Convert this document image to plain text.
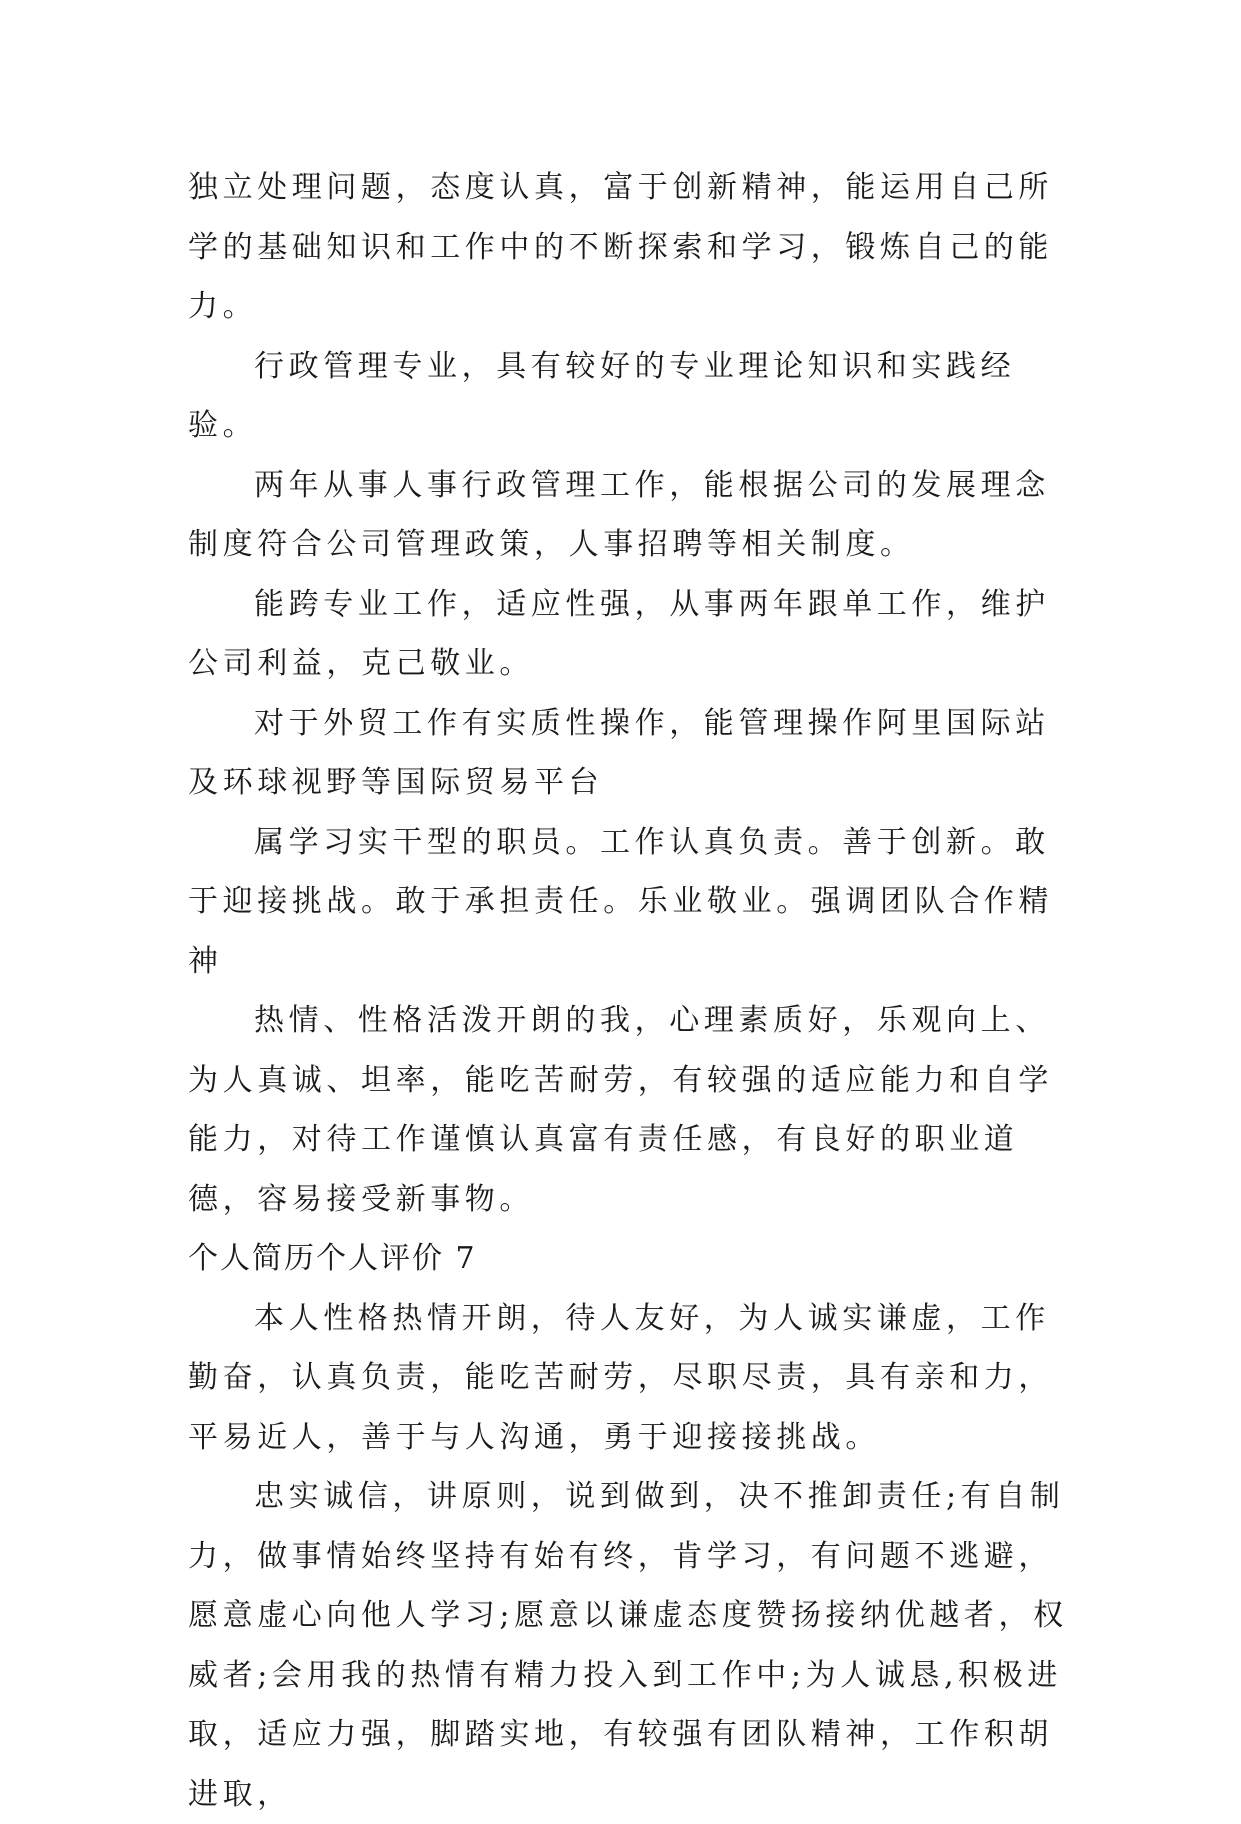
独立处理问题，态度认真，富于创新精神，能运用自己所学的基础知识和工作中的不断探索和学习，锻炼自己的能力。

行政管理专业，具有较好的专业理论知识和实践经验。

两年从事人事行政管理工作，能根据公司的发展理念制度符合公司管理政策，人事招聘等相关制度。

能跨专业工作，适应性强，从事两年跟单工作，维护公司利益，克己敬业。

对于外贸工作有实质性操作，能管理操作阿里国际站及环球视野等国际贸易平台

属学习实干型的职员。工作认真负责。善于创新。敢于迎接挑战。敢于承担责任。乐业敬业。强调团队合作精神

热情、性格活泼开朗的我，心理素质好，乐观向上、为人真诚、坦率，能吃苦耐劳，有较强的适应能力和自学能力，对待工作谨慎认真富有责任感，有良好的职业道德，容易接受新事物。

个人简历个人评价 7

本人性格热情开朗，待人友好，为人诚实谦虚，工作勤奋，认真负责，能吃苦耐劳，尽职尽责，具有亲和力，平易近人，善于与人沟通，勇于迎接接挑战。

忠实诚信，讲原则，说到做到，决不推卸责任;有自制力，做事情始终坚持有始有终，肯学习，有问题不逃避，愿意虚心向他人学习;愿意以谦虚态度赞扬接纳优越者，权威者;会用我的热情有精力投入到工作中;为人诚恳,积极进取，适应力强，脚踏实地，有较强有团队精神，工作积胡进取，
